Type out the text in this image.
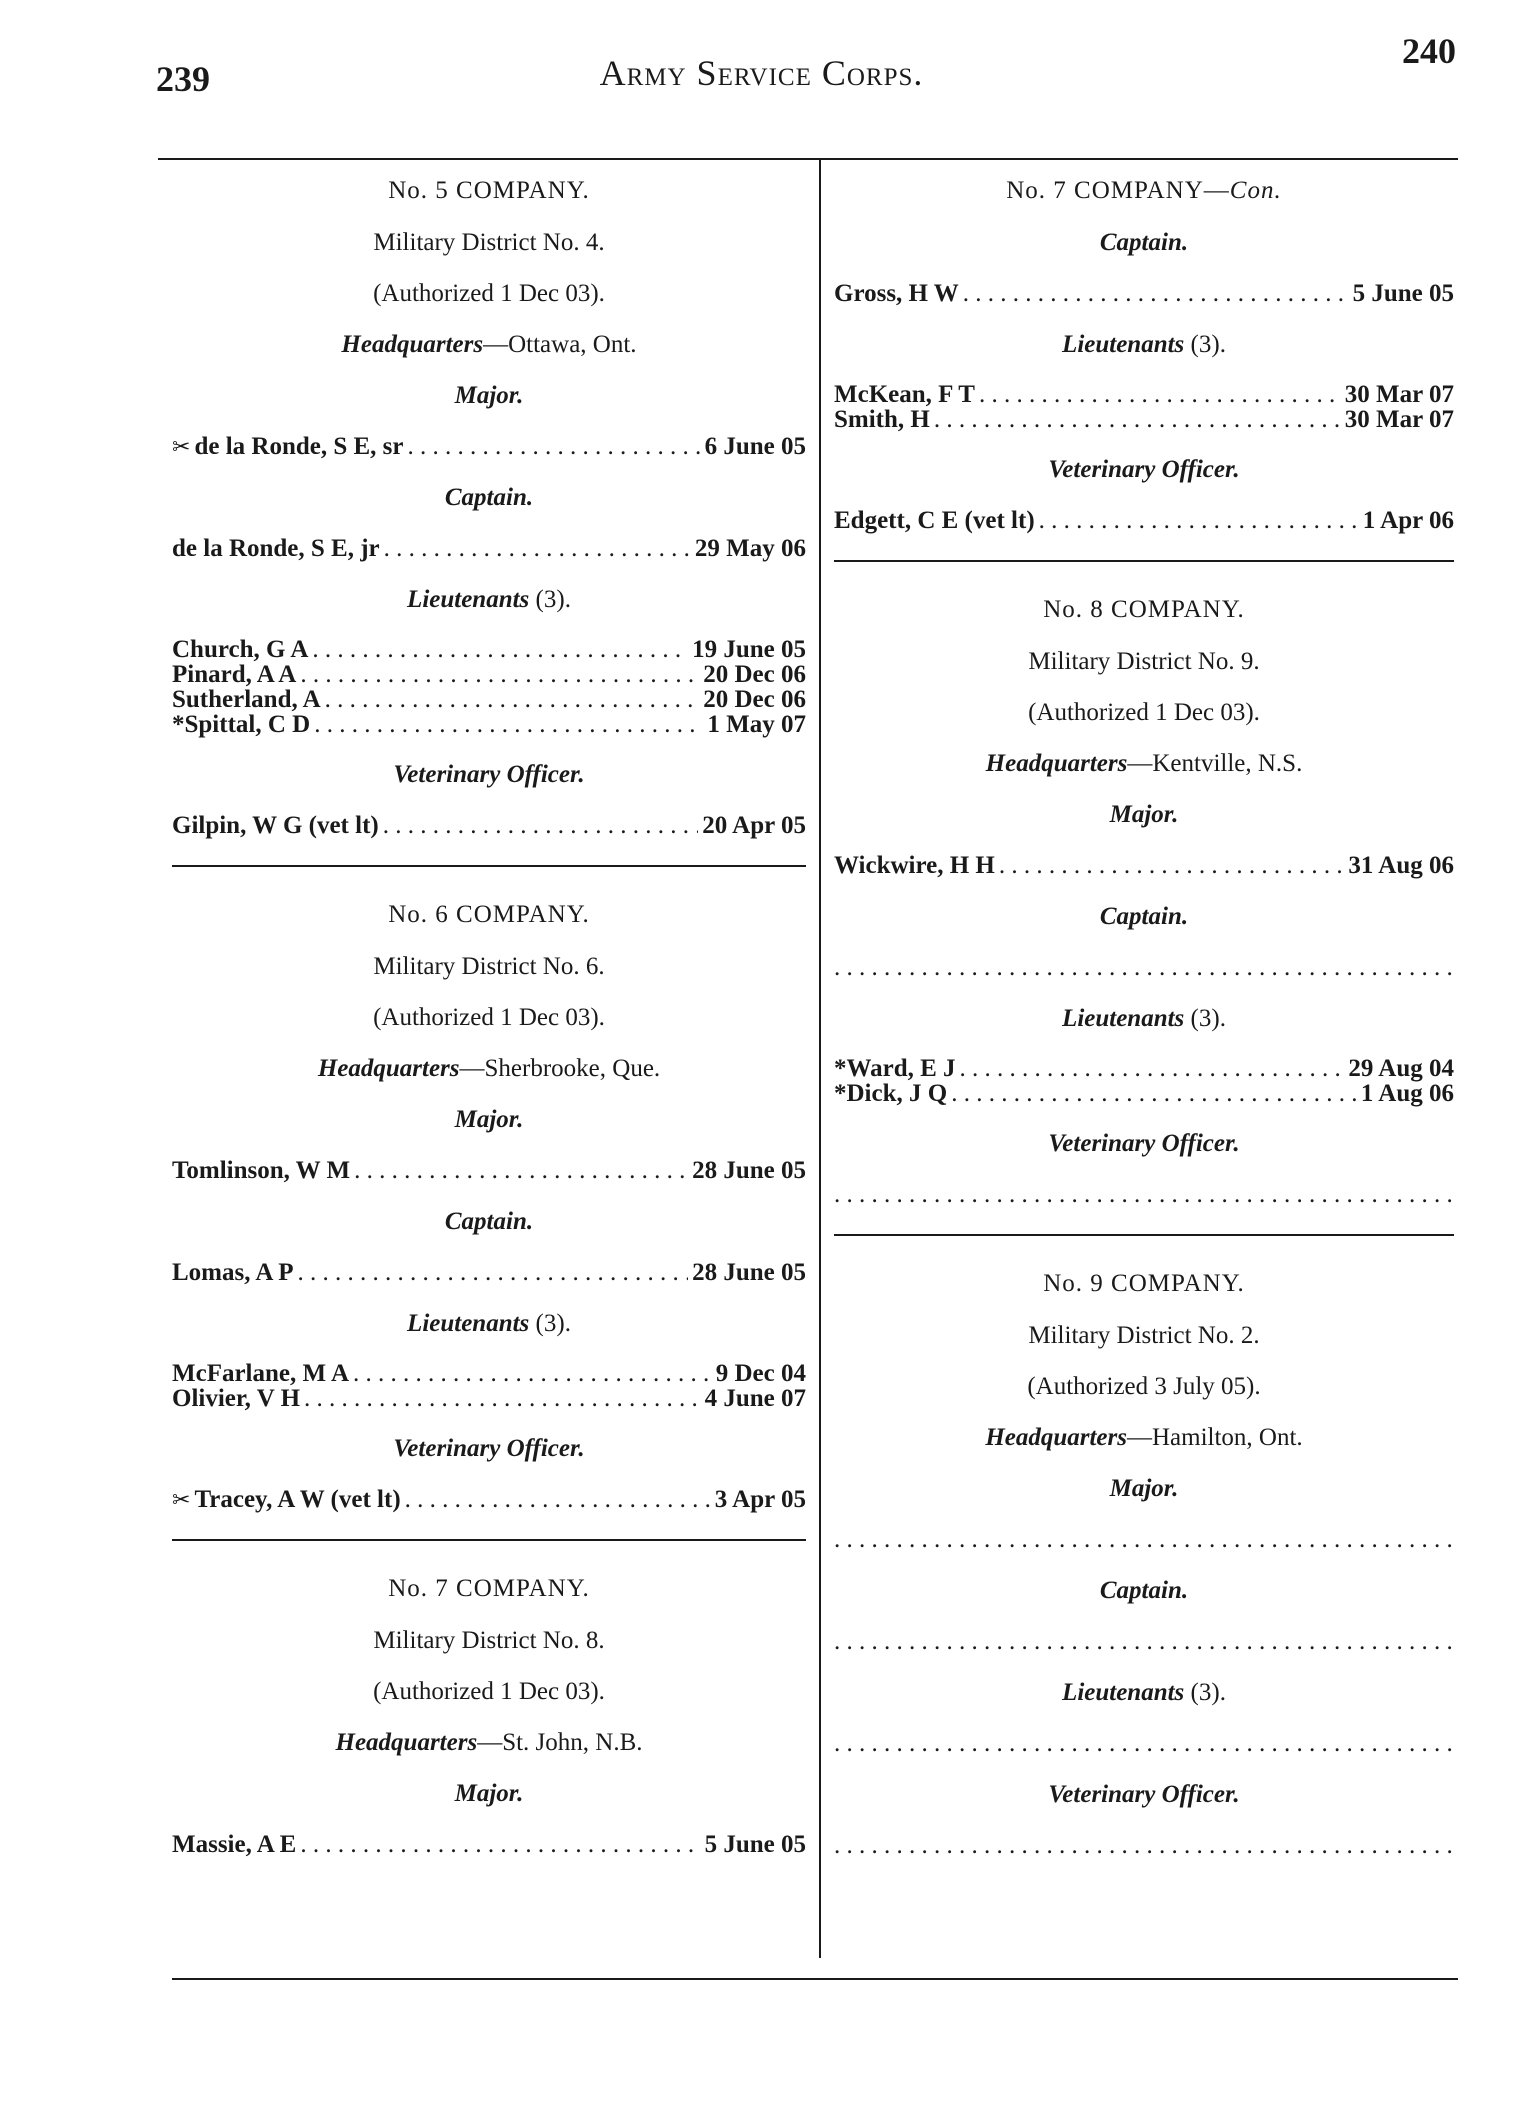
239	Army Service Corps.
240
No. 5 COMPANY.
Military District No. 4.
(Authorized 1 Dec 03).
Headquarters—Ottawa, Ont.
Major.
✂ de la Ronde, S E, sr . . .	6 June 05
Captain.
de la Ronde, S E, jr . . .	29 May 06
Lieutenants (3).
Church, G A . . .	19 June 05
Pinard, A A . . .	20 Dec 06
Sutherland, A . . .	20 Dec 06
*Spittal, C D . . .	1 May 07
Veterinary Officer.
Gilpin, W G (vet lt) . . .	20 Apr 05
No. 6 COMPANY.
Military District No. 6.
(Authorized 1 Dec 03).
Headquarters—Sherbrooke, Que.
Major.
Tomlinson, W M . . .	28 June 05
Captain.
Lomas, A P . . .	28 June 05
Lieutenants (3).
McFarlane, M A . . .	9 Dec 04
Olivier, V H . . .	4 June 07
Veterinary Officer.
✂ Tracey, A W (vet lt) . . .	3 Apr 05
No. 7 COMPANY.
Military District No. 8.
(Authorized 1 Dec 03).
Headquarters—St. John, N.B.
Major.
Massie, A E . . .	5 June 05
No. 7 COMPANY—Con.
Captain.
Gross, H W . . .	5 June 05
Lieutenants (3).
McKean, F T . . .	30 Mar 07
Smith, H . . .	30 Mar 07
Veterinary Officer.
Edgett, C E (vet lt) . . .	1 Apr 06
No. 8 COMPANY.
Military District No. 9.
(Authorized 1 Dec 03).
Headquarters—Kentville, N.S.
Major.
Wickwire, H H . . .	31 Aug 06
Captain.
. . .
Lieutenants (3).
*Ward, E J . . .	29 Aug 04
*Dick, J Q . . .	1 Aug 06
Veterinary Officer.
. . .
No. 9 COMPANY.
Military District No. 2.
(Authorized 3 July 05).
Headquarters—Hamilton, Ont.
Major.
. . .
Captain.
. . .
Lieutenants (3).
. . .
Veterinary Officer.
. . .
